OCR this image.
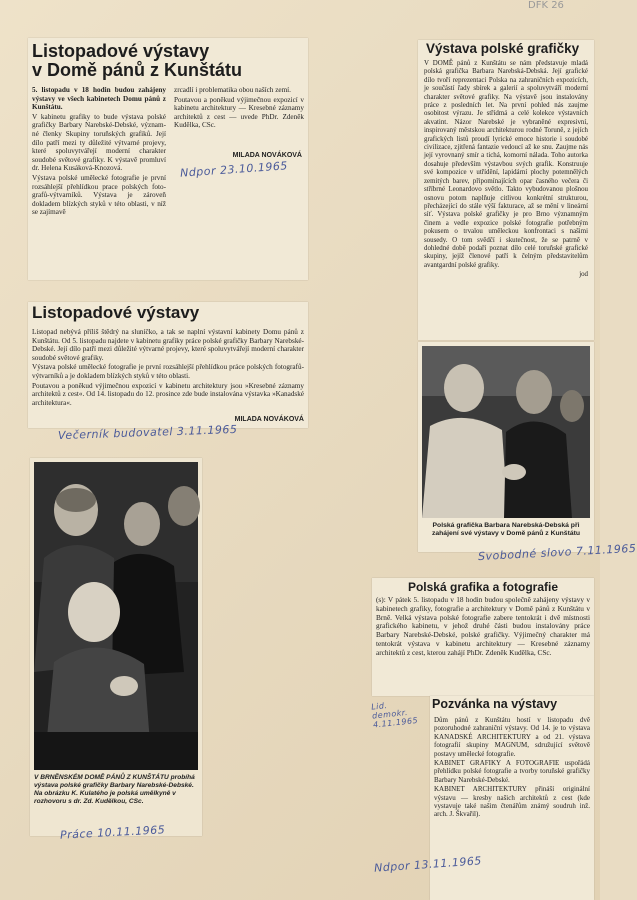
DFK 26
Listopadové výstavy
v Domě pánů z Kunštátu

5. listopadu v 18 hodin budou zahájeny výstavy ve všech kabinetech Domu pánů z Kunštátu.

V kabinetu grafiky to bude výstava polské grafičky Barbary Narebské-Debské, významné členky Skupiny toruňských grafiků. Její dílo patří mezi ty důležité výtvarné projevy, které spoluvytvářejí moderní charakter soudobé světové grafiky. K výstavě promluví dr. Helena Kusáková-Knozová.

Výstava polské umělecké fotografie je první rozsáhlejší přehlídkou prace polských fotografů-výtvarníků. Výstava je zároveň dokladem blízkých styků v této oblasti, v níž se zajímavě

zrcadlí i problematika obou naších zemí.

Poutavou a poněkud výjimečnou expozicí v kabinetu architektury — Kresebné záznamy architektů z cest — uvede PhDr. Zdeněk Kudělka, CSc.

MILADA NOVÁKOVÁ
Ndpor 23.10.1965
Listopadové výstavy

Listopad nebývá příliš štědrý na sluníčko, a tak se naplní výstavní kabinety Domu pánů z Kunštátu. Od 5. listopadu najdete v kabinetu grafiky práce polské grafičky Barbary Narebské-Debské. Její dílo patří mezi důležité výtvarné projevy, které spoluvytvářejí moderní charakter soudobé světové grafiky.

Výstava polské umělecké fotografie je první rozsáhlejší přehlídkou práce polských fotografů-výtvarníků a je dokladem blízkých styků v této oblasti.

Poutavou a poněkud výjimečnou expozicí v kabinetu architektury jsou »Kresebné záznamy architektů z cest«. Od 14. listopadu do 12. prosince zde bude instalována výstavka »Kanadské architektura«.

MILADA NOVÁKOVÁ
Večerník budovatel 3.11.1965
V BRNĚNSKÉM DOMĚ PÁNŮ Z KUNŠTÁTU probíhá výstava polské grafičky Barbary Narebské-Debské. Na obrázku K. Kulatého je polská umělkyně v rozhovoru s dr. Zd. Kudělkou, CSc.
Práce 10.11.1965
Výstava polské grafičky

V DOMĚ pánů z Kunštátu se nám představuje mladá polská grafička Barbara Narebská-Debská. Její grafické dílo tvoří reprezentaci Polska na zahraničních expozicích, je součástí řady sbírek a galerií a spoluvytváří moderní charakter světové grafiky. Na výstavě jsou instalovány práce z posledních let. Na první pohled nás zaujme osobitost výrazu. Je střídmá a celé kolekce výstavních akvatint. Názor Narebské je vybraněné expresivní, inspirovaný městskou architekturou rodné Toruně, z jejích grafických listů proudí lyrické emoce historie i soudobé civilizace, zjitřená fantazie vedoucí až ke snu. Zaujme nás její vyrovnaný smír a tichá, komorní nálada. Toho autorka dosahuje především výstavbou svých grafik. Konstruuje své kompozice v utřídění, lapidární plochy potemnělých zemitých barev, připomínajících opar časného večera či stříbrné Leonardovo světlo. Takto vybudovanou plošnou osnovu potom naplňuje citlivou konkrétní strukturou, přecházející do stále výší fakturace, až se mění v lineární síť. Výstava polské grafičky je pro Brno významným činem a vedle expozice polské fotografie potřebným pokusem o trvalou uměleckou konfrontaci s našimi sousedy. O tom svědčí i skutečnost, že se patrně v dohledné době podaří poznat dílo celé toruňské grafické skupiny, jejíž členové patří k čelným představitelům avantgardní polské grafiky.

jod

Polská grafička Barbara Narebská-Debská při zahájení své výstavy v Domě pánů z Kunštátu
Svobodné slovo 7.11.1965
Polská grafika a fotografie
(s): V pátek 5. listopadu v 18 hodin budou společně zahájeny výstavy v kabinetech grafiky, fotografie a architektury v Domě pánů z Kunštátu v Brně. Velká výstava polské fotografie zabere tentokrát i dvě místnosti grafického kabinetu, v jehož druhé části budou instalovány práce Barbary Narebské-Debské, polské grafičky. Výjimečný charakter má tentokrát výstava v kabinetu architektury — Kresebné záznamy architektů z cest, kterou zahájí PhDr. Zdeněk Kudělka, CSc.
Lid. demokr. 4.11.1965
Pozvánka na výstavy

Dům pánů z Kunštátu hostí v listopadu dvě pozoruhodné zahraniční výstavy. Od 14. je to výstava KANADSKÉ ARCHITEKTURY a od 21. výstava fotografií skupiny MAGNUM, sdružující světově postavy umělecké fotografie.

KABINET GRAFIKY A FOTOGRAFIE uspořádá přehlídku polské fotografie a tvorby toruňské grafičky Barbary Narebské-Debské.

KABINET ARCHITEKTURY přináší originální výstavu — kresby našich architektů z cest (kde vystavuje také našim čtenářům známý soudruh inž. arch. J. Škvařil).

Ndpor 13.11.1965
